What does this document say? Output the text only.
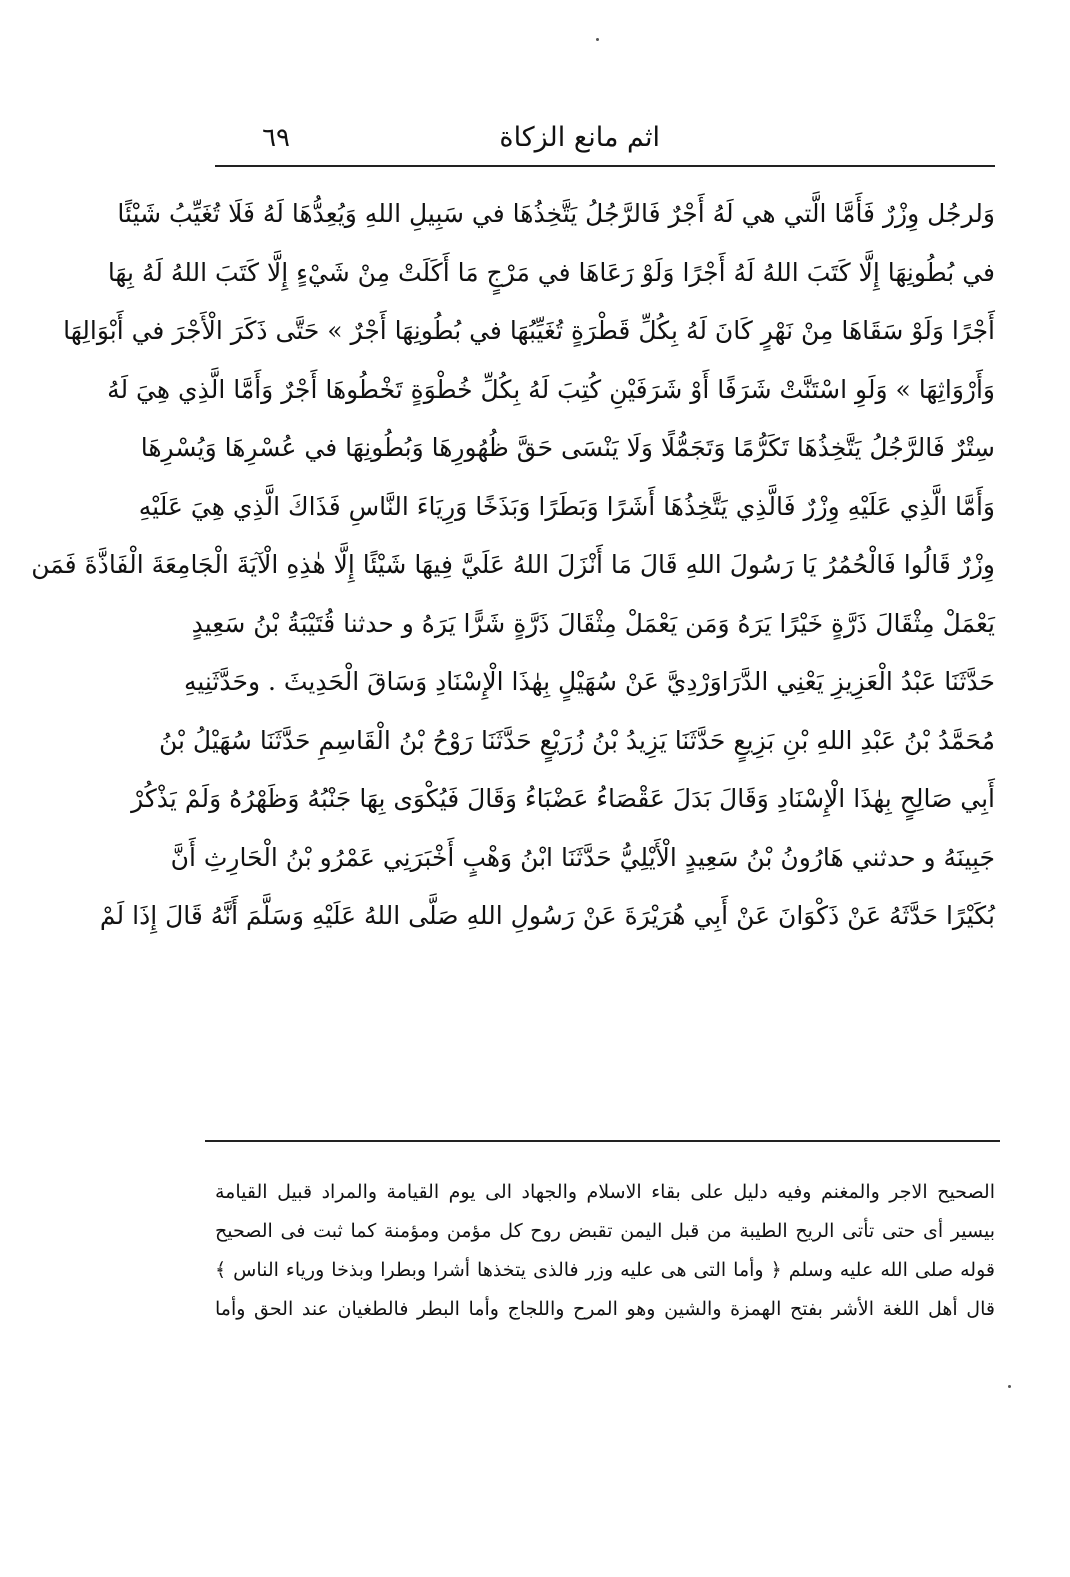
اثم مانع الزكاة
٦٩
وَلرجُل وِزْرٌ فَأَمَّا الَّتي هي لَهُ أَجْرٌ فَالرَّجُلُ يَتَّخِذُهَا في سَبِيلِ اللهِ وَيُعِدُّهَا لَهُ فَلَا تُغَيِّبُ شَيْئًا
في بُطُونِهَا إِلَّا كَتَبَ اللهُ لَهُ أَجْرًا وَلَوْ رَعَاهَا في مَرْجٍ مَا أَكَلَتْ مِنْ شَيْءٍ إِلَّا كَتَبَ اللهُ لَهُ بِهَا
أَجْرًا وَلَوْ سَقَاهَا مِنْ نَهْرٍ كَانَ لَهُ بِكُلِّ قَطْرَةٍ تُغَيِّبُهَا في بُطُونِهَا أَجْرٌ » حَتَّى ذَكَرَ الْأَجْرَ في أَبْوَالِهَا
وَأَرْوَاثِهَا » وَلَوِ اسْتَنَّتْ شَرَفًا أَوْ شَرَفَيْنِ كُتِبَ لَهُ بِكُلِّ خُطْوَةٍ تَخْطُوهَا أَجْرٌ وَأَمَّا الَّذِي هِيَ لَهُ
سِتْرٌ فَالرَّجُلُ يَتَّخِذُهَا تَكَرُّمًا وَتَجَمُّلًا وَلَا يَنْسَى حَقَّ ظُهُورِهَا وَبُطُونِهَا في عُسْرِهَا وَيُسْرِهَا
وَأَمَّا الَّذِي عَلَيْهِ وِزْرٌ فَالَّذِي يَتَّخِذُهَا أَشَرًا وَبَطَرًا وَبَذَخًا وَرِيَاءَ النَّاسِ فَذَاكَ الَّذِي هِيَ عَلَيْهِ
وِزْرٌ قَالُوا فَالْحُمُرُ يَا رَسُولَ اللهِ قَالَ مَا أَنْزَلَ اللهُ عَلَيَّ فِيهَا شَيْئًا إِلَّا هٰذِهِ الْآيَةَ الْجَامِعَةَ الْفَاذَّةَ فَمَن
يَعْمَلْ مِثْقَالَ ذَرَّةٍ خَيْرًا يَرَهُ وَمَن يَعْمَلْ مِثْقَالَ ذَرَّةٍ شَرًّا يَرَهُ و حدثنا قُتَيْبَةُ بْنُ سَعِيدٍ
حَدَّثَنَا عَبْدُ الْعَزِيزِ يَعْنِي الدَّرَاوَرْدِيَّ عَنْ سُهَيْلٍ بِهٰذَا الْإِسْنَادِ وَسَاقَ الْحَدِيثَ . وحَدَّثَنِيهِ
مُحَمَّدُ بْنُ عَبْدِ اللهِ بْنِ بَزِيعٍ حَدَّثَنَا يَزِيدُ بْنُ زُرَيْعٍ حَدَّثَنَا رَوْحُ بْنُ الْقَاسِمِ حَدَّثَنَا سُهَيْلُ بْنُ
أَبِي صَالِحٍ بِهٰذَا الْإِسْنَادِ وَقَالَ بَدَلَ عَقْصَاءُ عَضْبَاءُ وَقَالَ فَيُكْوَى بِهَا جَنْبُهُ وَظَهْرُهُ وَلَمْ يَذْكُرْ
جَبِينَهُ و حدثني هَارُونُ بْنُ سَعِيدٍ الْأَيْلِيُّ حَدَّثَنَا ابْنُ وَهْبٍ أَخْبَرَنِي عَمْرُو بْنُ الْحَارِثِ أَنَّ
بُكَيْرًا حَدَّثَهُ عَنْ ذَكْوَانَ عَنْ أَبِي هُرَيْرَةَ عَنْ رَسُولِ اللهِ صَلَّى اللهُ عَلَيْهِ وَسَلَّمَ أَنَّهُ قَالَ إِذَا لَمْ
الصحيح الاجر والمغنم وفيه دليل على بقاء الاسلام والجهاد الى يوم القيامة والمراد قبيل القيامة
بيسير أى حتى تأتى الريح الطيبة من قبل اليمن تقبض روح كل مؤمن ومؤمنة كما ثبت فى الصحيح
قوله صلى الله عليه وسلم ﴿ وأما التى هى عليه وزر فالذى يتخذها أشرا وبطرا وبذخا ورياء الناس ﴾
قال أهل اللغة الأشر بفتح الهمزة والشين وهو المرح واللجاج وأما البطر فالطغيان عند الحق وأما
